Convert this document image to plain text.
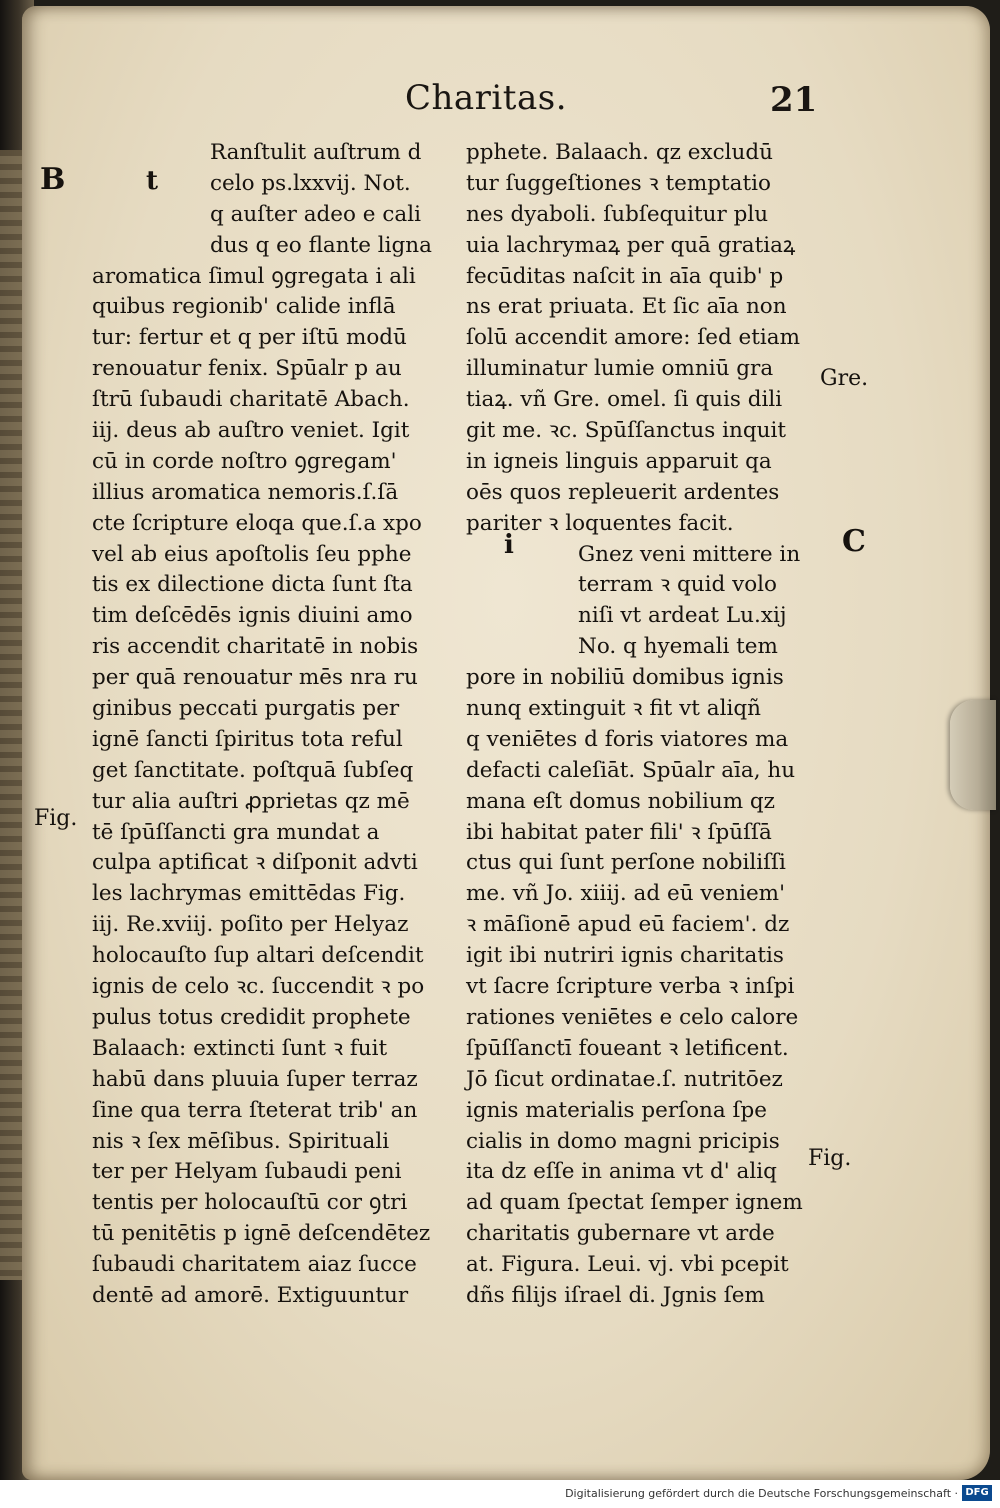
Charitas.	21
B	t
i	C
Fig.
Gre.
Fig.
Ranſtulit auſtrum d
celo ps.lxxvij. Not.
q auſter adeo e cali
dus q eo flante ligna
aromatica ſimul ꝯgregata i ali
quibus regionib' calide inflā
tur: fertur et q per iſtū modū
renouatur fenix. Spūalr p au
ſtrū ſubaudi charitatē Abach.
iij. deus ab auſtro veniet. Igit
cū in corde noſtro ꝯgregam'
illius aromatica nemoris.ſ.ſā
cte ſcripture eloqa que.ſ.a xpo
vel ab eius apoſtolis ſeu pphe
tis ex dilectione dicta ſunt ſta
tim deſcēdēs ignis diuini amo
ris accendit charitatē in nobis
per quā renouatur mēs nra ru
ginibus peccati purgatis per
ignē ſancti ſpiritus tota reful
get ſanctitate. poſtquā ſubſeq
tur alia auſtri ꝓprietas qz mē
tē ſpūſſancti gra mundat a
culpa aptificat ꝛ diſponit advti
les lachrymas emittēdas Fig.
iij. Re.xviij. poſito per Helyaz
holocauſto ſup altari deſcendit
ignis de celo ꝛc. ſuccendit ꝛ po
pulus totus credidit prophete
Balaach: extincti ſunt ꝛ fuit
habū dans pluuia ſuper terraz
ſine qua terra ſteterat trib' an
nis ꝛ ſex mēſibus. Spirituali
ter per Helyam ſubaudi peni
tentis per holocauſtū cor ꝯtri
tū penitētis p ignē deſcendētez
ſubaudi charitatem aiaz ſucce
dentē ad amorē. Extiguuntur
pphete. Balaach. qz excludū
tur ſuggeſtiones ꝛ temptatio
nes dyaboli. ſubſequitur plu
uia lachrymaꝝ per quā gratiaꝝ
fecūditas naſcit in aīa quib' p
ns erat priuata. Et ſic aīa non
ſolū accendit amore: ſed etiam
illuminatur lumie omniū gra
tiaꝝ. vñ Gre. omel. ſi quis dili
git me. ꝛc. Spūſſanctus inquit
in igneis linguis apparuit qa
oēs quos repleuerit ardentes
pariter ꝛ loquentes facit.
Gnez veni mittere in
terram ꝛ quid volo
niſi vt ardeat Lu.xij
No. q hyemali tem
pore in nobiliū domibus ignis
nunq extinguit ꝛ fit vt aliqñ
q veniētes d foris viatores ma
defacti caleſiāt. Spūalr aīa, hu
mana eſt domus nobilium qz
ibi habitat pater fili' ꝛ ſpūſſā
ctus qui ſunt perſone nobiliſſi
me. vñ Jo. xiiij. ad eū veniem'
ꝛ māſionē apud eū faciem'. dz
igit ibi nutriri ignis charitatis
vt ſacre ſcripture verba ꝛ inſpi
rationes veniētes e celo calore
ſpūſſanctī foueant ꝛ letificent.
Jō ſicut ordinatae.ſ. nutritōez
ignis materialis perſona ſpe
cialis in domo magni pricipis
ita dz eſſe in anima vt d' aliq
ad quam ſpectat ſemper ignem
charitatis gubernare vt arde
at. Figura. Leui. vj. vbi pcepit
dñs filijs iſrael di. Jgnis ſem
Digitalisierung gefördert durch die Deutsche Forschungsgemeinschaft · DFG
